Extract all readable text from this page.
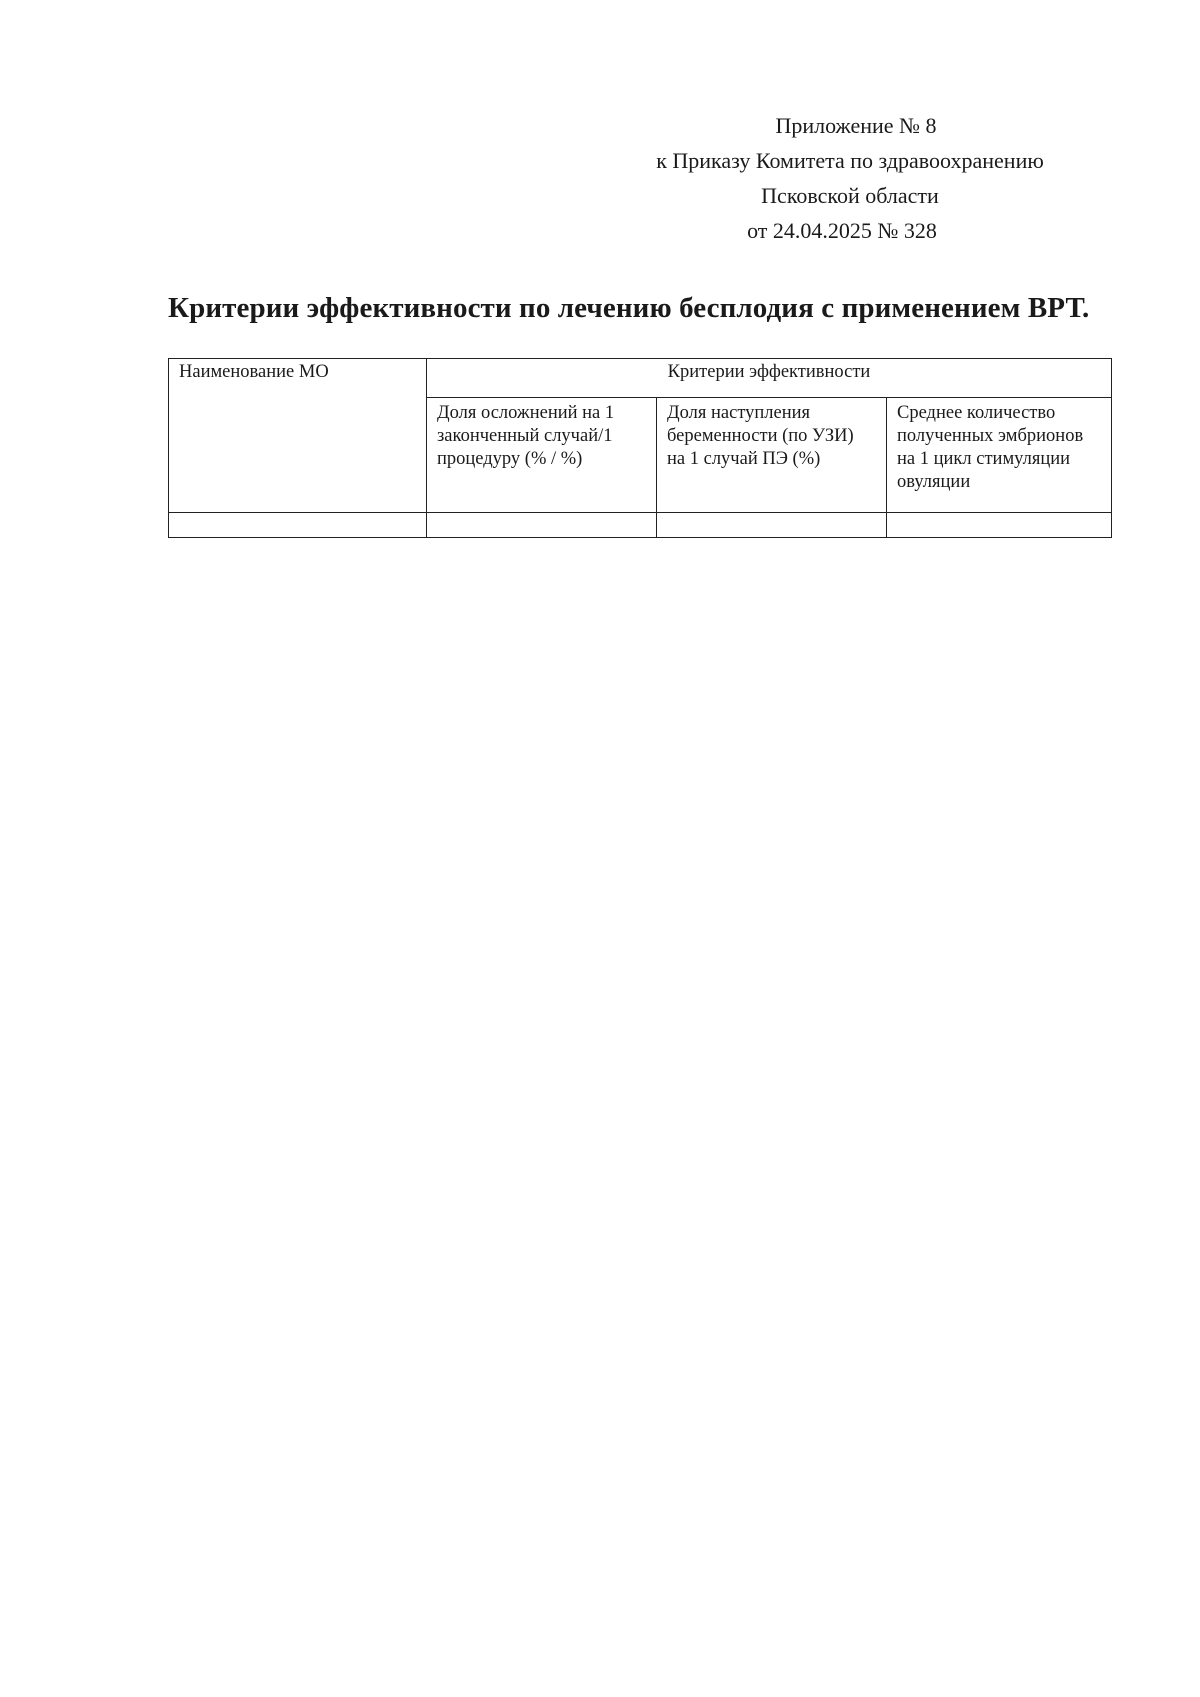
Приложение № 8
к Приказу Комитета по здравоохранению
Псковской области
от 24.04.2025 № 328
Критерии эффективности по лечению бесплодия с применением ВРТ.
Наименование МО	Критерии эффективности		
	Доля осложнений на 1 законченный случай/1 процедуру (% / %)	Доля наступления беременности (по УЗИ) на 1 случай ПЭ (%)	Среднее количество полученных эмбрионов на 1 цикл стимуляции овуляции
